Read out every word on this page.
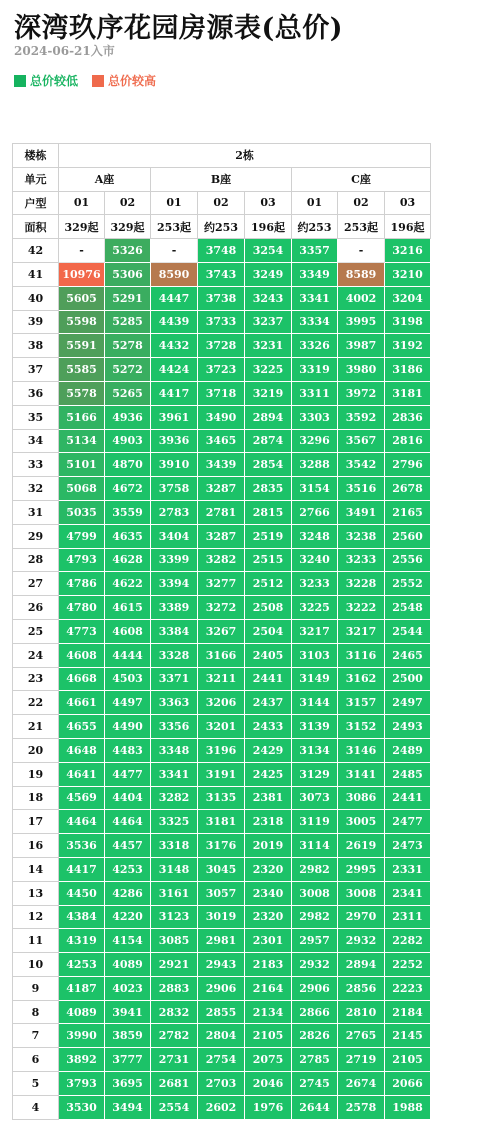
深湾玖序花园房源表(总价)
2024-06-21入市
总价较低	总价较高
楼栋	2栋							
单元	A座		B座			C座		
户型	01	02	01	02	03	01	02	03
面积	329起	329起	253起	约253	196起	约253	253起	196起
42	-	5326	-	3748	3254	3357	-	3216
41	10976	5306	8590	3743	3249	3349	8589	3210
40	5605	5291	4447	3738	3243	3341	4002	3204
39	5598	5285	4439	3733	3237	3334	3995	3198
38	5591	5278	4432	3728	3231	3326	3987	3192
37	5585	5272	4424	3723	3225	3319	3980	3186
36	5578	5265	4417	3718	3219	3311	3972	3181
35	5166	4936	3961	3490	2894	3303	3592	2836
34	5134	4903	3936	3465	2874	3296	3567	2816
33	5101	4870	3910	3439	2854	3288	3542	2796
32	5068	4672	3758	3287	2835	3154	3516	2678
31	5035	3559	2783	2781	2815	2766	3491	2165
29	4799	4635	3404	3287	2519	3248	3238	2560
28	4793	4628	3399	3282	2515	3240	3233	2556
27	4786	4622	3394	3277	2512	3233	3228	2552
26	4780	4615	3389	3272	2508	3225	3222	2548
25	4773	4608	3384	3267	2504	3217	3217	2544
24	4608	4444	3328	3166	2405	3103	3116	2465
23	4668	4503	3371	3211	2441	3149	3162	2500
22	4661	4497	3363	3206	2437	3144	3157	2497
21	4655	4490	3356	3201	2433	3139	3152	2493
20	4648	4483	3348	3196	2429	3134	3146	2489
19	4641	4477	3341	3191	2425	3129	3141	2485
18	4569	4404	3282	3135	2381	3073	3086	2441
17	4464	4464	3325	3181	2318	3119	3005	2477
16	3536	4457	3318	3176	2019	3114	2619	2473
14	4417	4253	3148	3045	2320	2982	2995	2331
13	4450	4286	3161	3057	2340	3008	3008	2341
12	4384	4220	3123	3019	2320	2982	2970	2311
11	4319	4154	3085	2981	2301	2957	2932	2282
10	4253	4089	2921	2943	2183	2932	2894	2252
9	4187	4023	2883	2906	2164	2906	2856	2223
8	4089	3941	2832	2855	2134	2866	2810	2184
7	3990	3859	2782	2804	2105	2826	2765	2145
6	3892	3777	2731	2754	2075	2785	2719	2105
5	3793	3695	2681	2703	2046	2745	2674	2066
4	3530	3494	2554	2602	1976	2644	2578	1988
